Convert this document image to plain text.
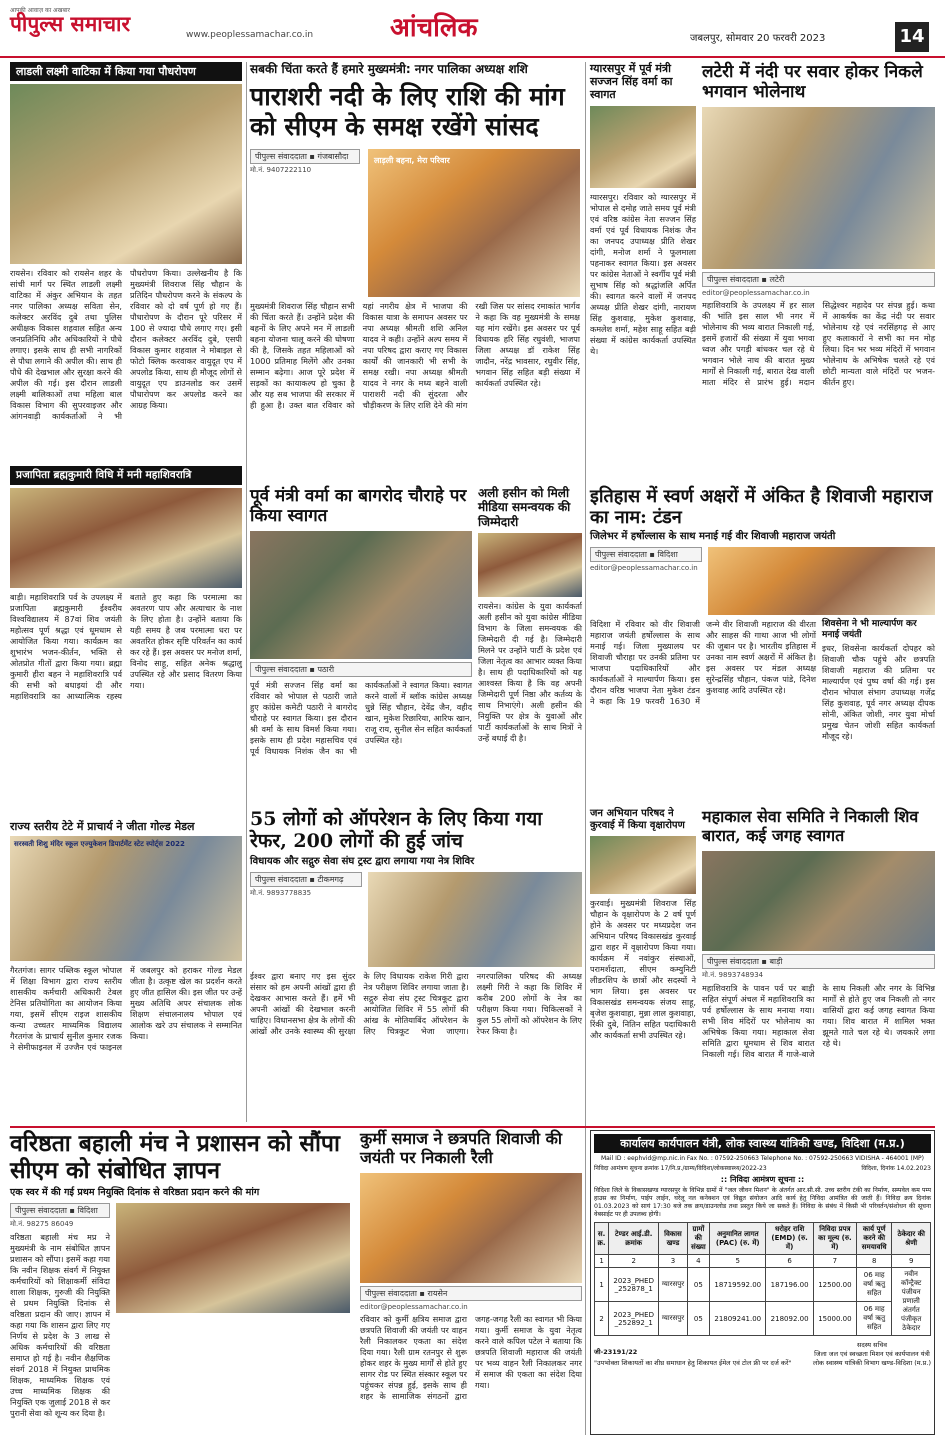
आपकी आवाज़ का अखबार
पीपुल्स समाचार	www.peoplessamachar.co.in	आंचलिक	जबलपुर, सोमवार 20 फरवरी 2023	14
लाडली लक्ष्मी वाटिका में किया गया पौधरोपण
रायसेन। रविवार को रायसेन शहर के सांची मार्ग पर स्थित लाडली लक्ष्मी वाटिका में अंकुर अभियान के तहत नगर पालिका अध्यक्ष सविता सेन, कलेक्टर अरविंद दुबे तथा पुलिस अधीक्षक विकास शहवाल सहित अन्य जनप्रतिनिधि और अधिकारियों ने पौधे लगाए। इसके साथ ही सभी नागरिकों से पौधा लगाने की अपील की। साथ ही पौधे की देखभाल और सुरक्षा करने की अपील की गई। इस दौरान लाडली लक्ष्मी बालिकाओं तथा महिला बाल विकास विभाग की सुपरवाइजर और आंगनवाड़ी कार्यकर्ताओं ने भी पौधरोपण किया। उल्लेखनीय है कि मुख्यमंत्री शिवराज सिंह चौहान के प्रतिदिन पौधरोपण करने के संकल्प के रविवार को दो वर्ष पूर्ण हो गए हैं। पौधारोपण के दौरान पूरे परिसर में 100 से ज्यादा पौधे लगाए गए। इसी दौरान कलेक्टर अरविंद दुबे, एसपी विकास कुमार शहवाल ने मोबाइल से फोटो क्लिक करवाकर वायुदूत एप में अपलोड किया, साथ ही मौजूद लोगों से वायुदूत एप डाउनलोड कर उसमें पौधारोपण कर अपलोड करने का आग्रह किया।
प्रजापिता ब्रह्मकुमारी विधि में मनी महाशिवरात्रि
बाड़ी। महाशिवरात्रि पर्व के उपलक्ष्य में प्रजापिता ब्रह्मकुमारी ईश्वरीय विश्वविद्यालय में 87वां शिव जयंती महोत्सव पूर्ण श्रद्धा एवं धूमधाम से आयोजित किया गया। कार्यक्रम का शुभारंभ भजन-कीर्तन, भक्ति से ओतप्रोत गीतों द्वारा किया गया। ब्रह्मा कुमारी हीरा बहन ने महाशिवरात्रि पर्व की सभी को बधाइयां दी और महाशिवरात्रि का आध्यात्मिक रहस्य बताते हुए कहा कि परमात्मा का अवतरण पाप और अत्याचार के नाश के लिए होता है। उन्होंने बताया कि यही समय है जब परमात्मा धरा पर अवतरित होकर सृष्टि परिवर्तन का कार्य कर रहे हैं। इस अवसर पर मनोज शर्मा, विनोद साहू, सहित अनेक श्रद्धालु उपस्थित रहे और प्रसाद वितरण किया गया।
राज्य स्तरीय टेटे में प्राचार्य ने जीता गोल्ड मेडल
सरस्वती शिशु मंदिर स्कूल एज्युकेशन डिपार्टमेंट स्टेट स्पोर्ट्स 2022
गैरतगंज। सागर पब्लिक स्कूल भोपाल में शिक्षा विभाग द्वारा राज्य स्तरीय शासकीय कर्मचारी अधिकारी टेबल टेनिस प्रतियोगिता का आयोजन किया गया, इसमें सीएम राइज शासकीय कन्या उच्चतर माध्यमिक विद्यालय गैरतगंज के प्राचार्य सुनील कुमार रजक ने सेमीफाइनल में उज्जैन एवं फाइनल में जबलपुर को हराकर गोल्ड मेडल जीता है। उत्कृष्ट खेल का प्रदर्शन करते हुए जीत हासिल की। इस जीत पर उन्हें मुख्य अतिथि अपर संचालक लोक शिक्षण संचालनालय भोपाल एवं आलोक खरे उप संचालक ने सम्मानित किया।
सबकी चिंता करते हैं हमारे मुख्यमंत्री: नगर पालिका अध्यक्ष शशि
पाराशरी नदी के लिए राशि की मांग को सीएम के समक्ष रखेंगे सांसद
पीपुल्स संवाददाता ▪ गंजबासौदा
मो.नं. 9407222110
लाड़ली बहना, मेरा परिवार
मुख्यमंत्री शिवराज सिंह चौहान सभी की चिंता करते हैं। उन्होंने प्रदेश की बहनों के लिए अपने मन में लाडली बहना योजना चालू करने की घोषणा की है, जिसके तहत महिलाओं को 1000 प्रतिमाह मिलेंगे और उनका सम्मान बढ़ेगा। आज पूरे प्रदेश में सड़कों का कायाकल्प हो चुका है और यह सब भाजपा की सरकार में ही हुआ है। उक्त बात रविवार को यहां नगरीय क्षेत्र में भाजपा की विकास यात्रा के समापन अवसर पर नपा अध्यक्ष श्रीमती शशि अनिल यादव ने कही। उन्होंने अल्प समय में नपा परिषद द्वारा कराए गए विकास कार्यों की जानकारी भी सभी के समक्ष रखी। नपा अध्यक्ष श्रीमती यादव ने नगर के मध्य बहने वाली पाराशरी नदी की सुंदरता और चौड़ीकरण के लिए राशि देने की मांग रखी जिस पर सांसद रमाकांत भार्गव ने कहा कि वह मुख्यमंत्री के समक्ष यह मांग रखेंगे। इस अवसर पर पूर्व विधायक हरि सिंह रघुवंशी, भाजपा जिला अध्यक्ष डॉ राकेश सिंह जादौन, नरेंद्र भावसार, रघुवीर सिंह, भगवान सिंह सहित बड़ी संख्या में कार्यकर्ता उपस्थित रहे।
पूर्व मंत्री वर्मा का बागरोद चौराहे पर किया स्वागत
पीपुल्स संवाददाता ▪ पठारी
पूर्व मंत्री सज्जन सिंह वर्मा का रविवार को भोपाल से पठारी जाते हुए कांग्रेस कमेटी पठारी ने बागरोद चौराहे पर स्वागत किया। इस दौरान श्री वर्मा के साथ विमर्श किया गया। इसके साथ ही प्रदेश महासचिव एवं पूर्व विधायक निशंक जैन का भी कार्यकर्ताओं ने स्वागत किया। स्वागत करने वालों में ब्लॉक कांग्रेस अध्यक्ष धुन्ने सिंह चौहान, देवेंद्र जैन, वहीद खान, मुकेश रिछारिया, आरिफ खान, राजू राय, सुनील सेन सहित कार्यकर्ता उपस्थित रहे।
अली हसीन को मिली मीडिया समन्वयक की जिम्मेदारी
रायसेन। कांग्रेस के युवा कार्यकर्ता अली हसीन को युवा कांग्रेस मीडिया विभाग के जिला समन्वयक की जिम्मेदारी दी गई है। जिम्मेदारी मिलने पर उन्होंने पार्टी के प्रदेश एवं जिला नेतृत्व का आभार व्यक्त किया है। साथ ही पदाधिकारियों को यह आश्वस्त किया है कि वह अपनी जिम्मेदारी पूर्ण निष्ठा और कर्तव्य के साथ निभाएंगे। अली हसीन की नियुक्ति पर क्षेत्र के युवाओं और पार्टी कार्यकर्ताओं के साथ मित्रों ने उन्हें बधाई दी है।
55 लोगों को ऑपरेशन के लिए किया गया रेफर, 200 लोगों की हुई जांच
विधायक और सद्गुरु सेवा संघ ट्रस्ट द्वारा लगाया गया नेत्र शिविर
पीपुल्स संवाददाता ▪ टीकमगढ़
मो.नं. 9893778835
ईश्वर द्वारा बनाए गए इस सुंदर संसार को हम अपनी आंखों द्वारा ही देखकर आभास करते हैं। हमें भी अपनी आंखों की देखभाल करनी चाहिए। विधानसभा क्षेत्र के लोगों की आंखों और उनके स्वास्थ्य की सुरक्षा के लिए विधायक राकेश गिरी द्वारा नेत्र परीक्षण शिविर लगाया जाता है। सद्गुरु सेवा संघ ट्रस्ट चित्रकूट द्वारा आयोजित शिविर में 55 लोगों की आंख के मोतियाबिंद ऑपरेशन के लिए चित्रकूट भेजा जाएगा। नगरपालिका परिषद की अध्यक्ष लक्ष्मी गिरी ने कहा कि शिविर में करीब 200 लोगों के नेत्र का परीक्षण किया गया। चिकित्सकों ने कुल 55 लोगों को ऑपरेशन के लिए रेफर किया है।
ग्यारसपुर में पूर्व मंत्री सज्जन सिंह वर्मा का स्वागत
ग्यारसपुर। रविवार को ग्यारसपुर में भोपाल से दमोह जाते समय पूर्व मंत्री एवं वरिष्ठ कांग्रेस नेता सज्जन सिंह वर्मा एवं पूर्व विधायक निशंक जैन का जनपद उपाध्यक्ष प्रीति शेखर दांगी, मनोज शर्मा ने फूलमाला पहनाकर स्वागत किया। इस अवसर पर कांग्रेस नेताओं ने स्वर्गीय पूर्व मंत्री सुभाष सिंह को श्रद्धांजलि अर्पित की। स्वागत करने वालों में जनपद अध्यक्ष प्रीति शेखर दांगी, नारायण सिंह कुशवाह, मुकेश कुशवाह, कमलेश शर्मा, महेश साहू सहित बड़ी संख्या में कांग्रेस कार्यकर्ता उपस्थित थे।
लटेरी में नंदी पर सवार होकर निकले भगवान भोलेनाथ
पीपुल्स संवाददाता ▪ लटेरी
editor@peoplessamachar.co.in
महाशिवरात्रि के उपलक्ष्य में हर साल की भांति इस साल भी नगर में भोलेनाथ की भव्य बारात निकाली गई, इसमें हजारों की संख्या में युवा भगवा ध्वज और पगड़ी बांधकर चल रहे थे भगवान भोले नाथ की बारात मुख्य मार्गों से निकाली गई, बारात देख वाली माता मंदिर से प्रारंभ हुई। मदान सिद्धेश्वर महादेव पर संपन्न हुई। कथा में आकर्षक का केंद्र नंदी पर सवार भोलेनाथ रहे एवं नरसिंहगढ़ से आए हुए कलाकारों ने सभी का मन मोह लिया। दिन भर भव्य मंदिरों में भगवान भोलेनाथ के अभिषेक चलते रहे एवं छोटी मान्यता वाले मंदिरों पर भजन-कीर्तन हुए।
इतिहास में स्वर्ण अक्षरों में अंकित है शिवाजी महाराज का नाम: टंडन
जिलेभर में हर्षोल्लास के साथ मनाई गई वीर शिवाजी महाराज जयंती
पीपुल्स संवाददाता ▪ विदिशा
editor@peoplessamachar.co.in
विदिशा में रविवार को वीर शिवाजी महाराज जयंती हर्षोल्लास के साथ मनाई गई। जिला मुख्यालय पर शिवाजी चौराहा पर उनकी प्रतिमा पर भाजपा पदाधिकारियों और कार्यकर्ताओं ने माल्यार्पण किया। इस दौरान वरिष्ठ भाजपा नेता मुकेश टंडन ने कहा कि 19 फरवरी 1630 में जन्मे वीर शिवाजी महाराज की वीरता और साहस की गाथा आज भी लोगों की जुबान पर है। भारतीय इतिहास में उनका नाम स्वर्ण अक्षरों में अंकित है। इस अवसर पर मंडल अध्यक्ष सुरेन्द्रसिंह चौहान, पंकज पांडे, दिनेश कुशवाह आदि उपस्थित रहे।
शिवसेना ने भी माल्यार्पण कर मनाई जयंती
इधर, शिवसेना कार्यकर्ता दोपहर को शिवाजी चौक पहुंचे और छत्रपति शिवाजी महाराज की प्रतिमा पर माल्यार्पण एवं पुष्प वर्षा की गई। इस दौरान भोपाल संभाग उपाध्यक्ष गजेंद्र सिंह कुशवाह, पूर्व नगर अध्यक्ष दीपक सोनी, अंकित जोशी, नगर युवा मोर्चा प्रमुख चेतन जोशी सहित कार्यकर्ता मौजूद रहे।
जन अभियान परिषद ने कुरवाई में किया वृक्षारोपण
कुरवाई। मुख्यमंत्री शिवराज सिंह चौहान के वृक्षारोपण के 2 वर्ष पूर्ण होने के अवसर पर मध्यप्रदेश जन अभियान परिषद विकासखंड कुरवाई द्वारा शहर में वृक्षारोपण किया गया। कार्यक्रम में नवांकुर संस्थाओं, परामर्शदाता, सीएम कम्युनिटी लीडरशिप के छात्रों और सदस्यों ने भाग लिया। इस अवसर पर विकासखंड समन्वयक संजय साहू, बृजेश कुशवाहा, मुन्ना लाल कुशवाहा, रिंकी दुबे, नितिन सहित पदाधिकारी और कार्यकर्ता सभी उपस्थित रहे।
महाकाल सेवा समिति ने निकाली शिव बारात, कई जगह स्वागत
पीपुल्स संवाददाता ▪ बाड़ी
मो.नं. 9893748934
महाशिवरात्रि के पावन पर्व पर बाड़ी सहित संपूर्ण अंचल में महाशिवरात्रि का पर्व हर्षोल्लास के साथ मनाया गया। सभी शिव मंदिरों पर भोलेनाथ का अभिषेक किया गया। महाकाल सेवा समिति द्वारा धूमधाम से शिव बारात निकाली गई। शिव बारात मैं गाजे-बाजे के साथ निकली और नगर के विभिन्न मार्गों से होते हुए जब निकली तो नगर वासियों द्वारा कई जगह स्वागत किया गया। शिव बारात में शामिल भक्त झूमते गाते चल रहे थे। जयकारे लगा रहे थे।
वरिष्ठता बहाली मंच ने प्रशासन को सौंपा सीएम को संबोधित ज्ञापन
एक स्वर में की गई प्रथम नियुक्ति दिनांक से वरिष्ठता प्रदान करने की मांग
पीपुल्स संवाददाता ▪ विदिशा
मो.नं. 98275 86049
वरिष्ठता बहाली मंच मप्र ने मुख्यमंत्री के नाम संबोधित ज्ञापन प्रशासन को सौंपा। इसमें कहा गया कि नवीन शिक्षक संवर्ग में नियुक्त कर्मचारियों को शिक्षाकर्मी संविदा शाला शिक्षक, गुरुजी की नियुक्ति से प्रथम नियुक्ति दिनांक से वरिष्ठता प्रदान की जाए। ज्ञापन में कहा गया कि शासन द्वारा लिए गए निर्णय से प्रदेश के 3 लाख से अधिक कर्मचारियों की वरिष्ठता समाप्त हो गई है। नवीन शैक्षणिक संवर्ग 2018 में नियुक्त प्राथमिक शिक्षक, माध्यमिक शिक्षक एवं उच्च माध्यमिक शिक्षक की नियुक्ति एक जुलाई 2018 से कर पुरानी सेवा को शून्य कर दिया है।
कुर्मी समाज ने छत्रपति शिवाजी की जयंती पर निकाली रैली
पीपुल्स संवाददाता ▪ रायसेन
editor@peoplessamachar.co.in
रविवार को कुर्मी क्षत्रिय समाज द्वारा छत्रपति शिवाजी की जयंती पर वाहन रैली निकालकर एकता का संदेश दिया गया। रैली ग्राम रतनपुर से शुरू होकर शहर के मुख्य मार्गों से होते हुए सागर रोड पर स्थित संस्कार स्कूल पर पहुंचकर संपन्न हुई, इसके साथ ही शहर के सामाजिक संगठनों द्वारा जगह-जगह रैली का स्वागत भी किया गया। कुर्मी समाज के युवा नेतृत्व करने वाले कपिल पटेल ने बताया कि छत्रपति शिवाजी महाराज की जयंती पर भव्य वाहन रैली निकालकर नगर में समाज की एकता का संदेश दिया गया।
कार्यालय कार्यपालन यंत्री, लोक स्वास्थ्य यांत्रिकी खण्ड, विदिशा (म.प्र.)
Mail ID : eephvid@mp.nic.in Fax No. : 07592-250663 Telephone No. : 07592-250663 VIDISHA - 464001 (MP)
निविदा आमंत्रण सूचना क्रमांक 17/नि.प्र./ग्राम्य/विदिशा/लोकस्वास्थ्य/2022-23	विदिशा, दिनांक 14.02.2023
:: निविदा आमंत्रण सूचना ::
विदिशा जिले के विकासखण्ड ग्यारसपुर के विभिन्न ग्रामों में "जल जीवन मिशन" के अंतर्गत आर.सी.सी. उच्च स्तरीय टंकी का निर्माण, सम्पवेल कम पम्प हाउस का निर्माण, पाईप लाईन, घरेलू नल कनेक्शन एवं विद्युत संयोजन आदि कार्य हेतु निविदा आमंत्रित की जाती हैं। निविदा क्रय दिनांक 01.03.2023 को सायं 17:30 बजे तक क्रय/डाउनलोड तथा प्रस्तुत किये जा सकते हैं। निविदा के संबंध में किसी भी परिवर्तन/संशोधन की सूचना वेबसाईट पर ही उपलब्ध होगी।
स. क्र.	टेण्डर आई.डी. क्रमांक	विकास खण्ड	ग्रामों की संख्या	अनुमानित लागत (PAC) (रु. में)	धरोहर राशि (EMD) (रु. में)	निविदा प्रपत्र का मूल्य (रु. में)	कार्य पूर्ण करने की समयावधि	ठेकेदार की श्रेणी
1	2	3	4	5	6	7	8	9
1	2023_PHED _252878_1	ग्यारसपुर	05	18719592.00	187196.00	12500.00	06 माह वर्षा ऋतु सहित	नवीन कॉन्ट्रैक्ट पंजीयन प्रणाली अंतर्गत पंजीकृत ठेकेदार
2	2023_PHED _252892_1	ग्यारसपुर	05	21809241.00	218092.00	15000.00	06 माह वर्षा ऋतु सहित	
जी-23191/22
"उपभोक्ता शिकायतों का शीघ्र समाधान हेतु शिकायत ईमेल एवं टोल फ्री पर दर्ज करें"
सदस्य सचिव
जिला जल एवं स्वच्छता मिशन एवं कार्यपालन यंत्री
लोक स्वास्थ्य यांत्रिकी विभाग खण्ड-विदिशा (म.प्र.)
